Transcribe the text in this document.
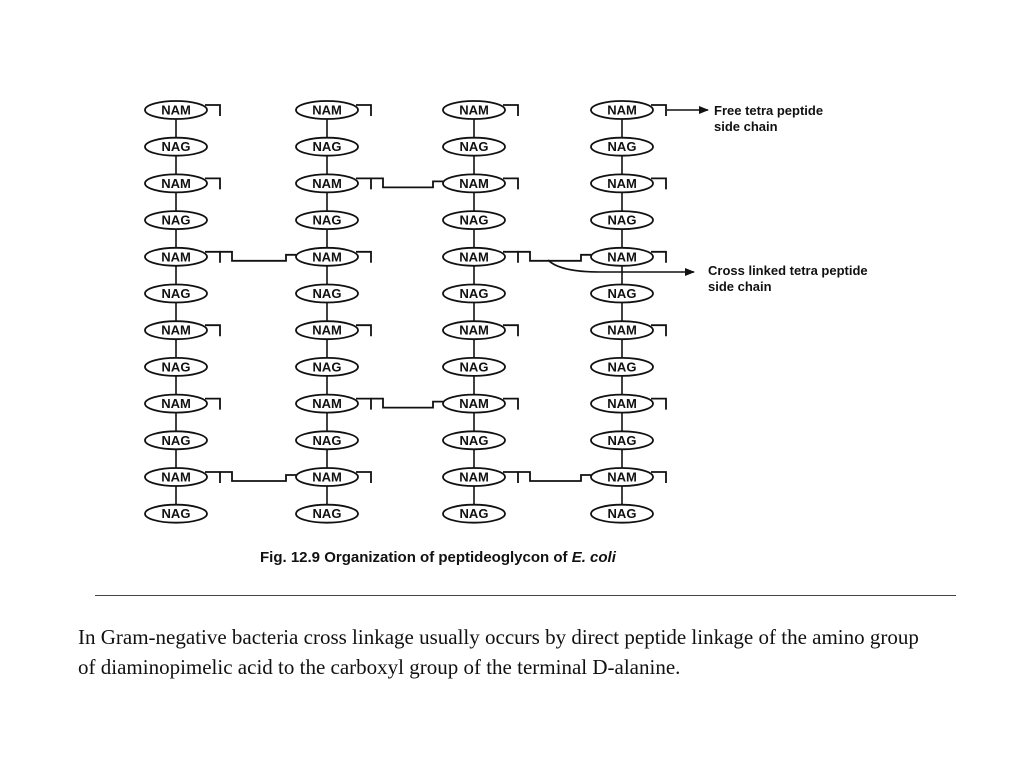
NAM
NAG
NAM
NAG
NAM
NAG
NAM
NAG
NAM
NAG
NAM
NAG
NAM
NAG
NAM
NAG
NAM
NAG
NAM
NAG
NAM
NAG
NAM
NAG
NAM
NAG
NAM
NAG
NAM
NAG
NAM
NAG
NAM
NAG
NAM
NAG
NAM
NAG
NAM
NAG
NAM
NAG
NAM
NAG
NAM
NAG
NAM
NAG
Free tetra peptide
side chain
Cross linked tetra peptide
side chain
Fig. 12.9 Organization of peptideoglycon of E. coli

In Gram-negative bacteria cross linkage usually occurs by direct peptide linkage of the amino group of diaminopimelic acid to the carboxyl group of the terminal D-alanine.
